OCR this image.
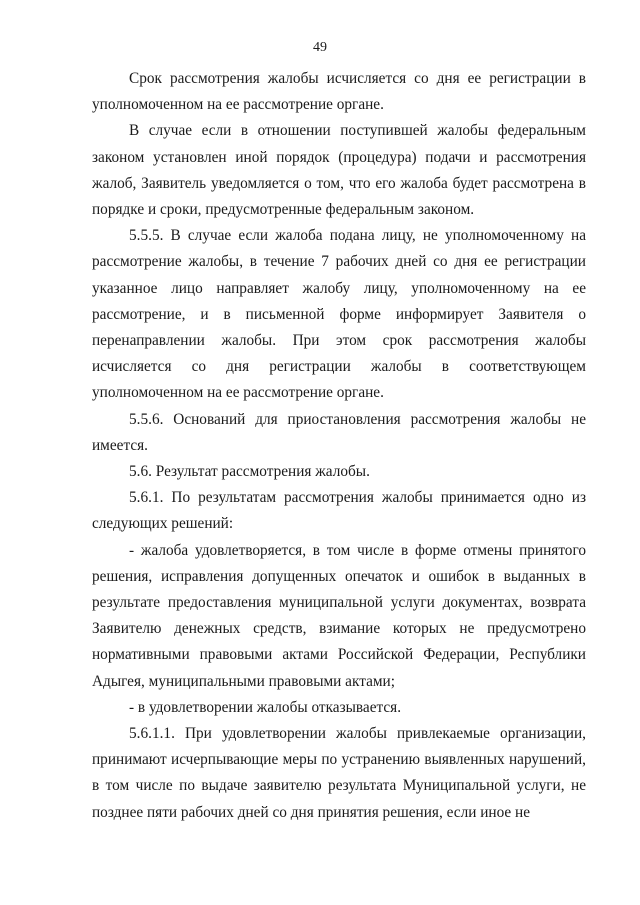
49

Срок рассмотрения жалобы исчисляется со дня ее регистрации в уполномоченном на ее рассмотрение органе.

В случае если в отношении поступившей жалобы федеральным законом установлен иной порядок (процедура) подачи и рассмотрения жалоб, Заявитель уведомляется о том, что его жалоба будет рассмотрена в порядке и сроки, предусмотренные федеральным законом.

5.5.5. В случае если жалоба подана лицу, не уполномоченному на рассмотрение жалобы, в течение 7 рабочих дней со дня ее регистрации указанное лицо направляет жалобу лицу, уполномоченному на ее рассмотрение, и в письменной форме информирует Заявителя о перенаправлении жалобы. При этом срок рассмотрения жалобы исчисляется со дня регистрации жалобы в соответствующем уполномоченном на ее рассмотрение органе.

5.5.6. Оснований для приостановления рассмотрения жалобы не имеется.

5.6. Результат рассмотрения жалобы.

5.6.1. По результатам рассмотрения жалобы принимается одно из следующих решений:

- жалоба удовлетворяется, в том числе в форме отмены принятого решения, исправления допущенных опечаток и ошибок в выданных в результате предоставления муниципальной услуги документах, возврата Заявителю денежных средств, взимание которых не предусмотрено нормативными правовыми актами Российской Федерации, Республики Адыгея, муниципальными правовыми актами;

- в удовлетворении жалобы отказывается.

5.6.1.1. При удовлетворении жалобы привлекаемые организации, принимают исчерпывающие меры по устранению выявленных нарушений, в том числе по выдаче заявителю результата Муниципальной услуги, не позднее пяти рабочих дней со дня принятия решения, если иное не
